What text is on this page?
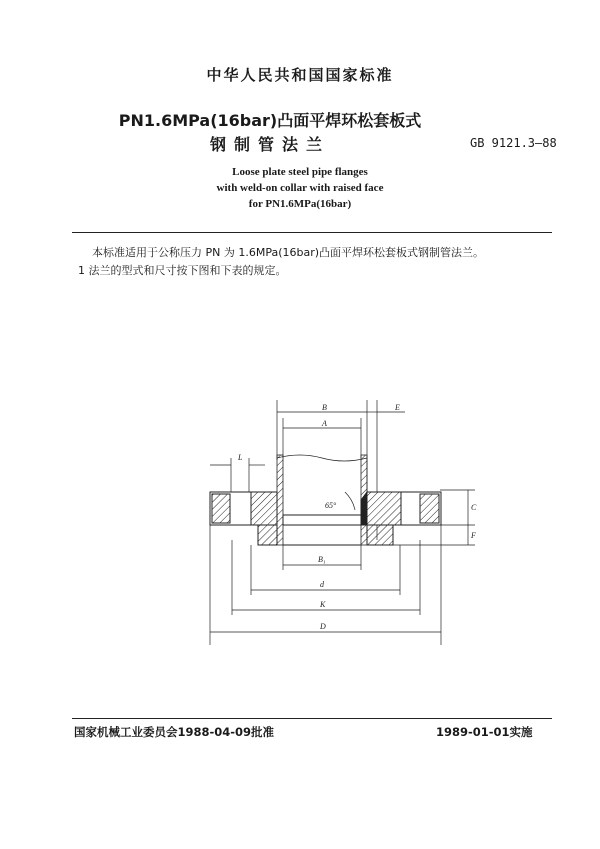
中华人民共和国国家标准
PN1.6MPa(16bar)凸面平焊环松套板式
钢制管法兰	GB 9121.3—88
Loose plate steel pipe flanges
with weld-on collar with raised face
for PN1.6MPa(16bar)
本标准适用于公称压力 PN 为 1.6MPa(16bar)凸面平焊环松套板式钢制管法兰。
1 法兰的型式和尺寸按下图和下表的规定。
B	E
A
L
65°	C
F
B₁
d
K
D
国家机械工业委员会1988-04-09批准	1989-01-01实施
